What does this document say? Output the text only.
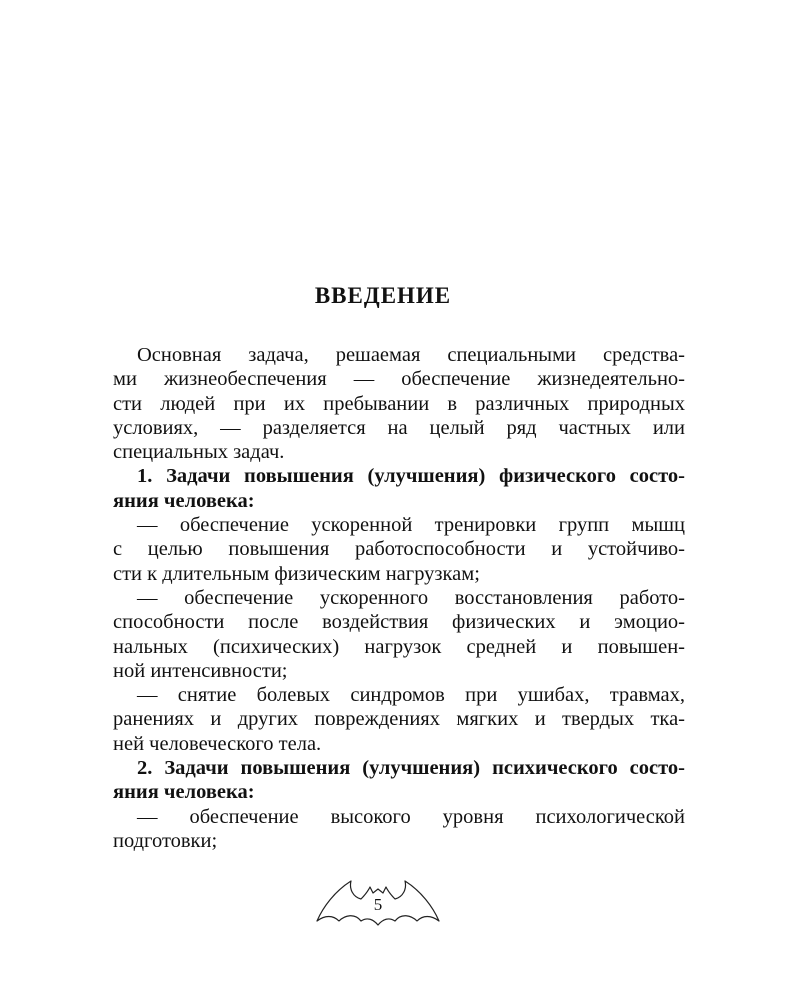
ВВЕДЕНИЕ
Основная задача, решаемая специальными средства-
ми жизнеобеспечения — обеспечение жизнедеятельно-
сти людей при их пребывании в различных природных
условиях, — разделяется на целый ряд частных или
специальных задач.
1. Задачи повышения (улучшения) физического состо-
яния человека:
— обеспечение ускоренной тренировки групп мышц
с целью повышения работоспособности и устойчиво-
сти к длительным физическим нагрузкам;
— обеспечение ускоренного восстановления работо-
способности после воздействия физических и эмоцио-
нальных (психических) нагрузок средней и повышен-
ной интенсивности;
— снятие болевых синдромов при ушибах, травмах,
ранениях и других повреждениях мягких и твердых тка-
ней человеческого тела.
2. Задачи повышения (улучшения) психического состо-
яния человека:
— обеспечение высокого уровня психологической
подготовки;
5
